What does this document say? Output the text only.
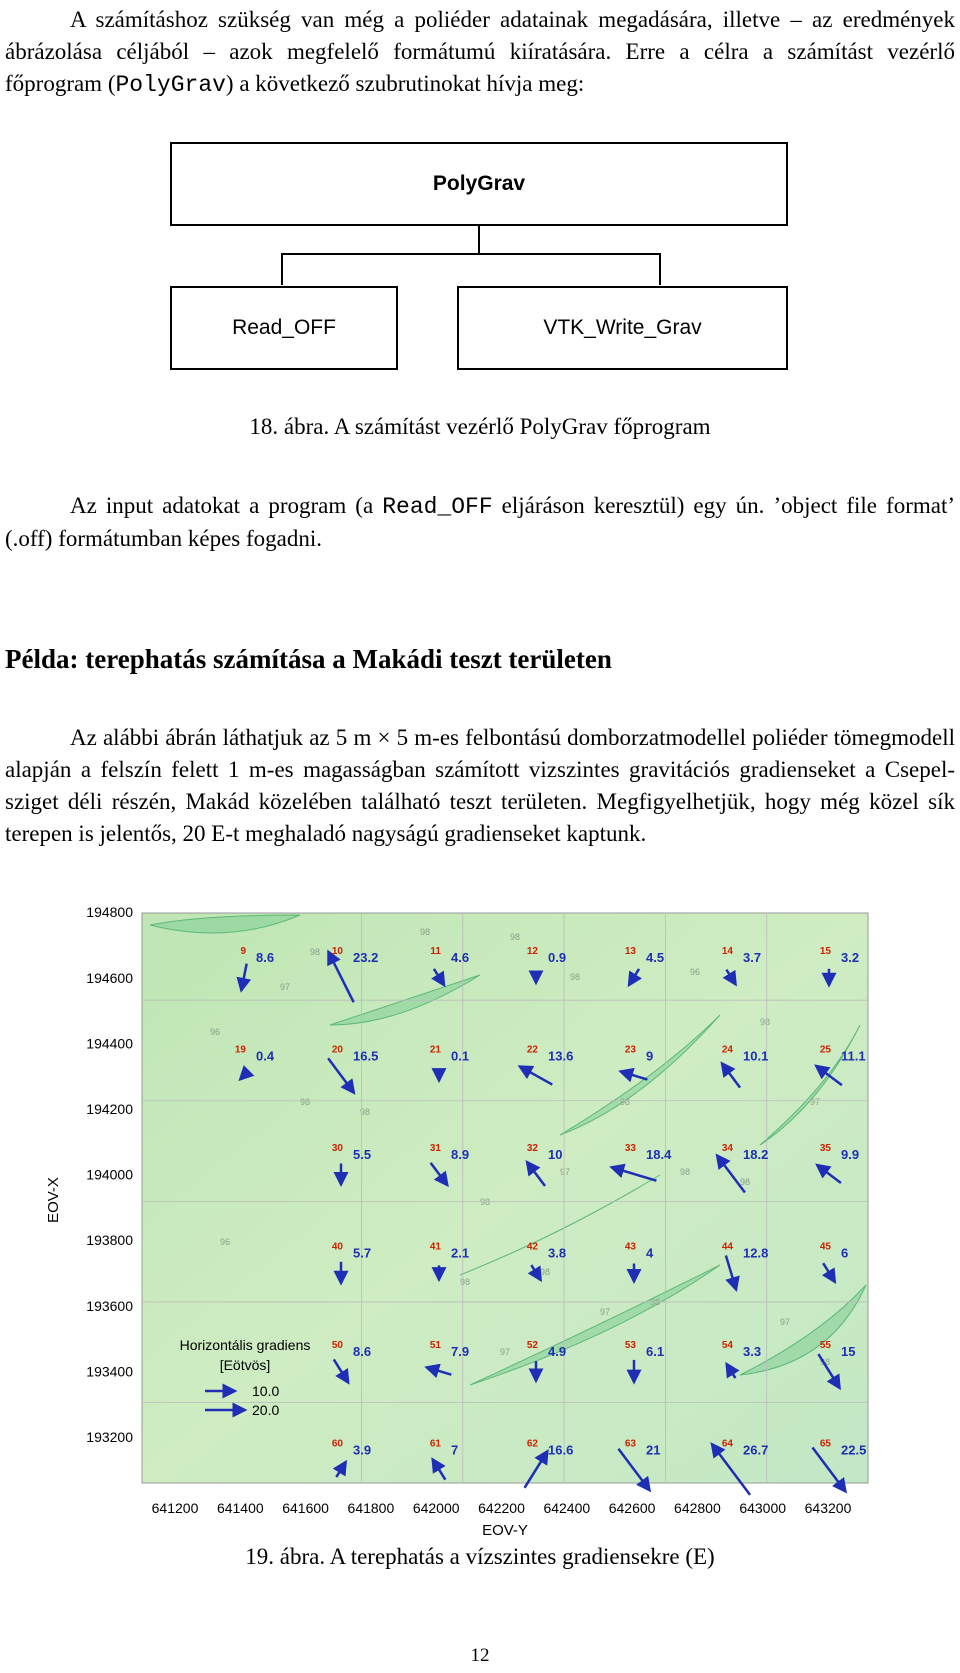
A számításhoz szükség van még a poliéder adatainak megadására, illetve – az eredmények ábrázolása céljából – azok megfelelő formátumú kiíratására. Erre a célra a számítást vezérlő főprogram (PolyGrav) a következő szubrutinokat hívja meg:
PolyGrav
Read_OFF	VTK_Write_Grav
18. ábra. A számítást vezérlő PolyGrav főprogram
Az input adatokat a program (a Read_OFF eljáráson keresztül) egy ún. ’object file format’ (.off) formátumban képes fogadni.
Példa: terephatás számítása a Makádi teszt területen
Az alábbi ábrán láthatjuk az 5 m × 5 m-es felbontású domborzatmodellel poliéder tömegmodell alapján a felszín felett 1 m-es magasságban számított vizszintes gravitációs gradienseket a Csepel-sziget déli részén, Makád közelében található teszt területen. Megfigyelhetjük, hogy még közel sík terepen is jelentős, 20 E-t meghaladó nagyságú gradienseket kaptunk.
97
98
98	98
98	96
96
98
98
98
98
97
97
98
98
98
98
98
96
98
97
97
97
98
641200 641400 641600 641800 642000 642200 642400 642600 642800 643000 643200
193200
193400
193600
193800
194000
194200
194400
194600
194800
9 8.6	10 23.2	11 4.6	12 0.9	13 4.5	14 3.7	15 3.2
19 0.4	20 16.5	21 0.1	22 13.6	23 9	24 10.1	25 11.1
30 5.5	31 8.9	32 10	33 18.4	34 18.2	35 9.9
40 5.7	41 2.1	42 3.8	43 4	44 12.8	45 6
50 8.6	51 7.9	52 4.9	53 6.1	54 3.3	55 15
60 3.9	61 7	62 16.6	63 21	64 26.7	65 22.5
Horizontális gradiens
[Eötvös]
10.0
20.0
EOV-Y
EOV-X
19. ábra. A terephatás a vízszintes gradiensekre (E)
12
